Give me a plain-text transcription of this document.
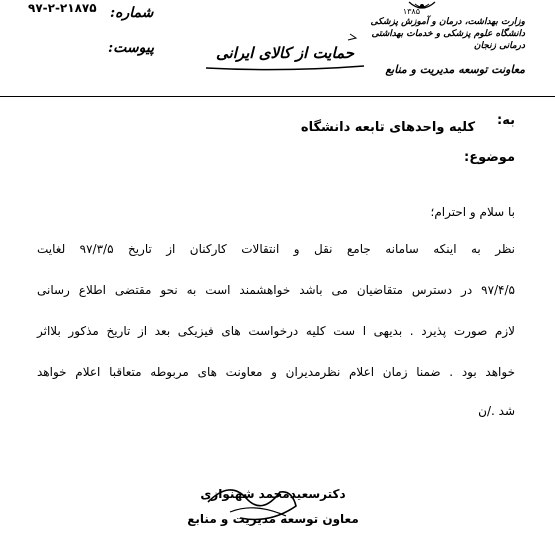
۹۷-۲-۲۱۸۷۵ شماره:
پیوست:
۱۳۸۵
وزارت بهداشت، درمان و آموزش پزشکی
دانشگاه علوم پزشکی و خدمات بهداشتی درمانی زنجان
معاونت توسعه مدیریت و منابع
حمایت از کالای ایرانی
به:
کلیه واحدهای تابعه دانشگاه
موضوع:
با سلام و احترام؛
نظر به اینکه سامانه جامع نقل و انتقالات کارکنان از تاریخ ۹۷/۳/۵ لغایت
۹۷/۴/۵ در دسترس متقاضیان می باشد خواهشمند است به نحو مقتضی اطلاع رسانی
لازم صورت پذیرد . بدیهی ا ست کلیه درخواست های فیزیکی بعد از تاریخ مذکور بلااثر
خواهد بود . ضمنا زمان اعلام نظرمدیران و معاونت های مربوطه متعاقبا اعلام خواهد
شد ./ن
دکترسعیدمحمد شهنوازی
معاون توسعه مدیریت و منابع
